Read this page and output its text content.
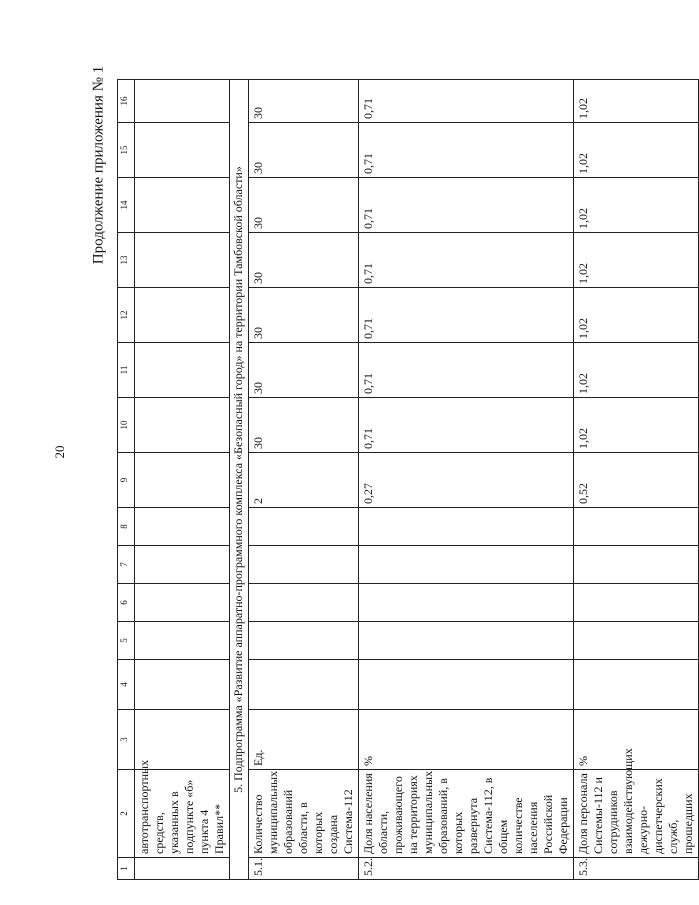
20
Продолжение приложения № 1
1	2	3	4	5	6	7	8	9	10	11	12	13	14	15	16
	автотранспортных средств, указанных в подпункте «б» пункта 4 Правил**														
5. Подпрограмма «Развитие аппаратно-программного комплекса «Безопасный город» на территории Тамбовской области»															
5.1.	Количество муниципальных образований области, в которых создана Система-112	Ед.						2	30	30	30	30	30	30	30
5.2.	Доля населения области, проживающего на территориях муниципальных образований, в которых развернута Система-112, в общем количестве населения Российской Федерации	%						0,27	0,71	0,71	0,71	0,71	0,71	0,71	0,71
5.3.	Доля персонала Системы-112 и сотрудников взаимодействующих дежурно-диспетчерских служб, прошедших	%						0,52	1,02	1,02	1,02	1,02	1,02	1,02	1,02
